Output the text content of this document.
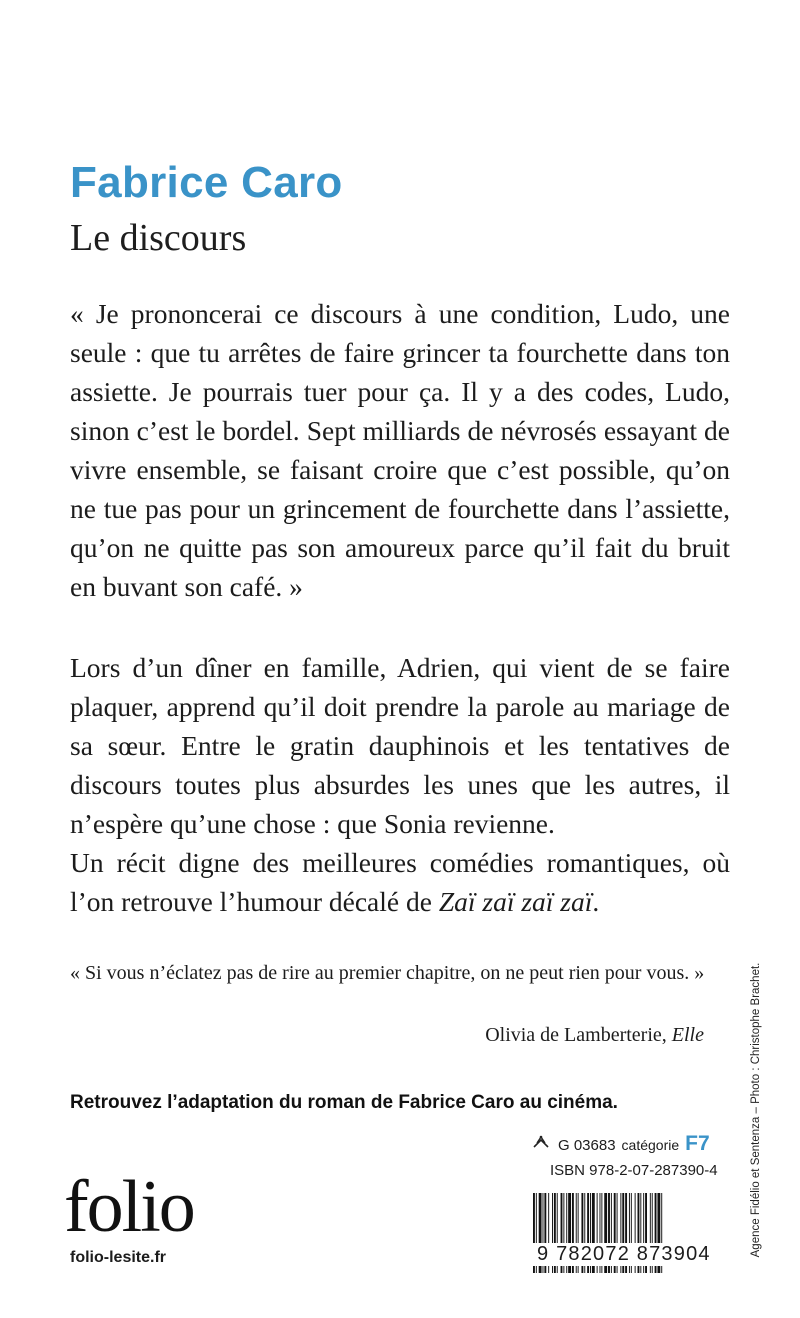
Fabrice Caro
Le discours
« Je prononcerai ce discours à une condition, Ludo, une seule : que tu arrêtes de faire grincer ta fourchette dans ton assiette. Je pourrais tuer pour ça. Il y a des codes, Ludo, sinon c’est le bordel. Sept milliards de névrosés essayant de vivre ensemble, se faisant croire que c’est possible, qu’on ne tue pas pour un grincement de fourchette dans l’assiette, qu’on ne quitte pas son amoureux parce qu’il fait du bruit en buvant son café. »
Lors d’un dîner en famille, Adrien, qui vient de se faire plaquer, apprend qu’il doit prendre la parole au mariage de sa sœur. Entre le gratin dauphinois et les tentatives de discours toutes plus absurdes les unes que les autres, il n’espère qu’une chose : que Sonia revienne.
Un récit digne des meilleures comédies romantiques, où l’on retrouve l’humour décalé de Zaï zaï zaï zaï.
« Si vous n’éclatez pas de rire au premier chapitre, on ne peut rien pour vous. »
Olivia de Lamberterie, Elle
Retrouvez l’adaptation du roman de Fabrice Caro au cinéma.	Agence Fidélio et Sentenza – Photo : Christophe Brachet.
G 03683 catégorie F7
ISBN 978-2-07-287390-4
9 782072 873904
folio
folio-lesite.fr
